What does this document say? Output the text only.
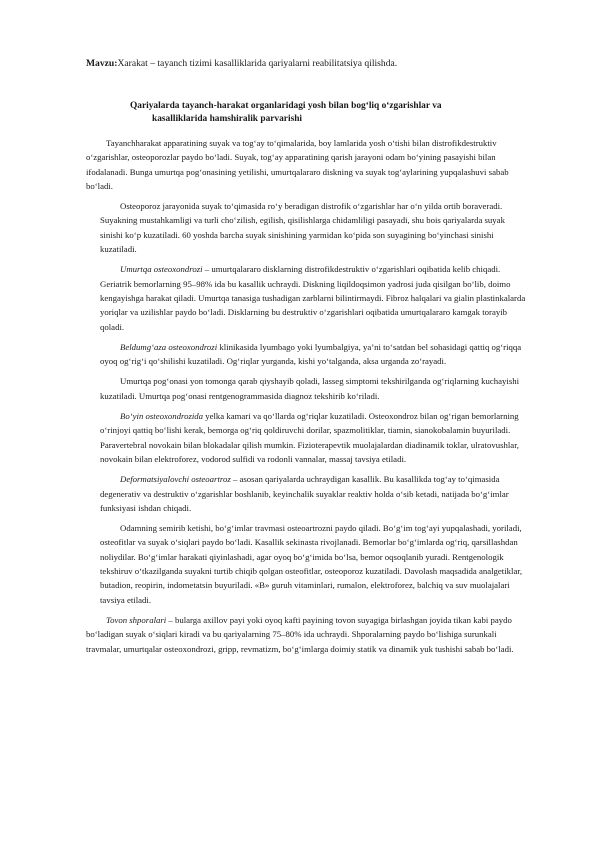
Mavzu:Xarakat – tayanch tizimi kasalliklarida qariyalarni reabilitatsiya qilishda.
Qariyalarda tayanch-harakat organlaridagi yosh bilan bog‘liq o‘zgarishlar va
kasalliklarida hamshiralik parvarishi

Tayanchharakat apparatining suyak va tog‘ay to‘qimalarida, boy lamlarida yosh o‘tishi bilan distrofikdestruktiv o‘zgarishlar, osteoporozlar paydo bo‘ladi. Suyak, tog‘ay apparatining qarish jarayoni odam bo‘yining pasayishi bilan ifodalanadi. Bunga umurtqa pog‘onasining yetilishi, umurtqalararo diskning va suyak tog‘aylarining yupqalashuvi sabab bo‘ladi.

Osteoporoz jarayonida suyak to‘qimasida ro‘y beradigan distrofik o‘zgarishlar har o‘n yilda ortib boraveradi. Suyakning mustahkamligi va turli cho‘zilish, egilish, qisilishlarga chidamliligi pasayadi, shu bois qariyalarda suyak sinishi ko‘p kuzatiladi. 60 yoshda barcha suyak sinishining yarmidan ko‘pida son suyagining bo‘yinchasi sinishi kuzatiladi.

Umurtqa osteoxondrozi – umurtqalararo disklarning distrofikdestruktiv o‘zgarishlari oqibatida kelib chiqadi. Geriatrik bemorlarning 95–98% ida bu kasallik uchraydi. Diskning liqildoqsimon yadrosi juda qisilgan bo‘lib, doimo kengayishga harakat qiladi. Umurtqa tanasiga tushadigan zarblarni bilintirmaydi. Fibroz halqalari va gialin plastinkalarda yoriqlar va uzilishlar paydo bo‘ladi. Disklarning bu destruktiv o‘zgarishlari oqibatida umurtqalararo kamgak torayib qoladi.

Beldumg‘aza osteoxondrozi klinikasida lyumbago yoki lyumbalgiya, ya’ni to‘satdan bel sohasidagi qattiq og‘riqqa oyoq og‘rig‘i qo‘shilishi kuzatiladi. Og‘riqlar yurganda, kishi yo‘talganda, aksa urganda zo‘rayadi.

Umurtqa pog‘onasi yon tomonga qarab qiyshayib qoladi, lasseg simptomi tekshirilganda og‘riqlarning kuchayishi kuzatiladi. Umurtqa pog‘onasi rentgenogrammasida diagnoz tekshirib ko‘riladi.

Bo‘yin osteoxondrozida yelka kamari va qo‘llarda og‘riqlar kuzatiladi. Osteoxondroz bilan og‘rigan bemorlarning o‘rinjoyi qattiq bo‘lishi kerak, bemorga og‘riq qoldiruvchi dorilar, spazmolitiklar, tiamin, sianokobalamin buyuriladi. Paravertebral novokain bilan blokadalar qilish mumkin. Fizioterapevtik muolajalardan diadinamik toklar, ulratovushlar, novokain bilan elektroforez, vodorod sulfidi va rodonli vannalar, massaj tavsiya etiladi.

Deformatsiyalovchi osteoartroz – asosan qariyalarda uchraydigan kasallik. Bu kasallikda tog‘ay to‘qimasida degenerativ va destruktiv o‘zgarishlar boshlanib, keyinchalik suyaklar reaktiv holda o‘sib ketadi, natijada bo‘g‘imlar funksiyasi ishdan chiqadi.

Odamning semirib ketishi, bo‘g‘imlar travmasi osteoartrozni paydo qiladi. Bo‘g‘im tog‘ayi yupqalashadi, yoriladi, osteofitlar va suyak o‘siqlari paydo bo‘ladi. Kasallik sekinasta rivojlanadi. Bemorlar bo‘g‘imlarda og‘riq, qarsillashdan noliydilar. Bo‘g‘imlar harakati qiyinlashadi, agar oyoq bo‘g‘imida bo‘lsa, bemor oqsoqlanib yuradi. Rentgenologik tekshiruv o‘tkazilganda suyakni turtib chiqib qolgan osteofitlar, osteoporoz kuzatiladi. Davolash maqsadida analgetiklar, butadion, reopirin, indometatsin buyuriladi. «B» guruh vitaminlari, rumalon, elektroforez, balchiq va suv muolajalari tavsiya etiladi.

Tovon shporalari – bularga axillov payi yoki oyoq kafti payining tovon suyagiga birlashgan joyida tikan kabi paydo bo‘ladigan suyak o‘siqlari kiradi va bu qariyalarning 75–80% ida uchraydi. Shporalarning paydo bo‘lishiga surunkali travmalar, umurtqalar osteoxondrozi, gripp, revmatizm, bo‘g‘imlarga doimiy statik va dinamik yuk tushishi sabab bo‘ladi.
